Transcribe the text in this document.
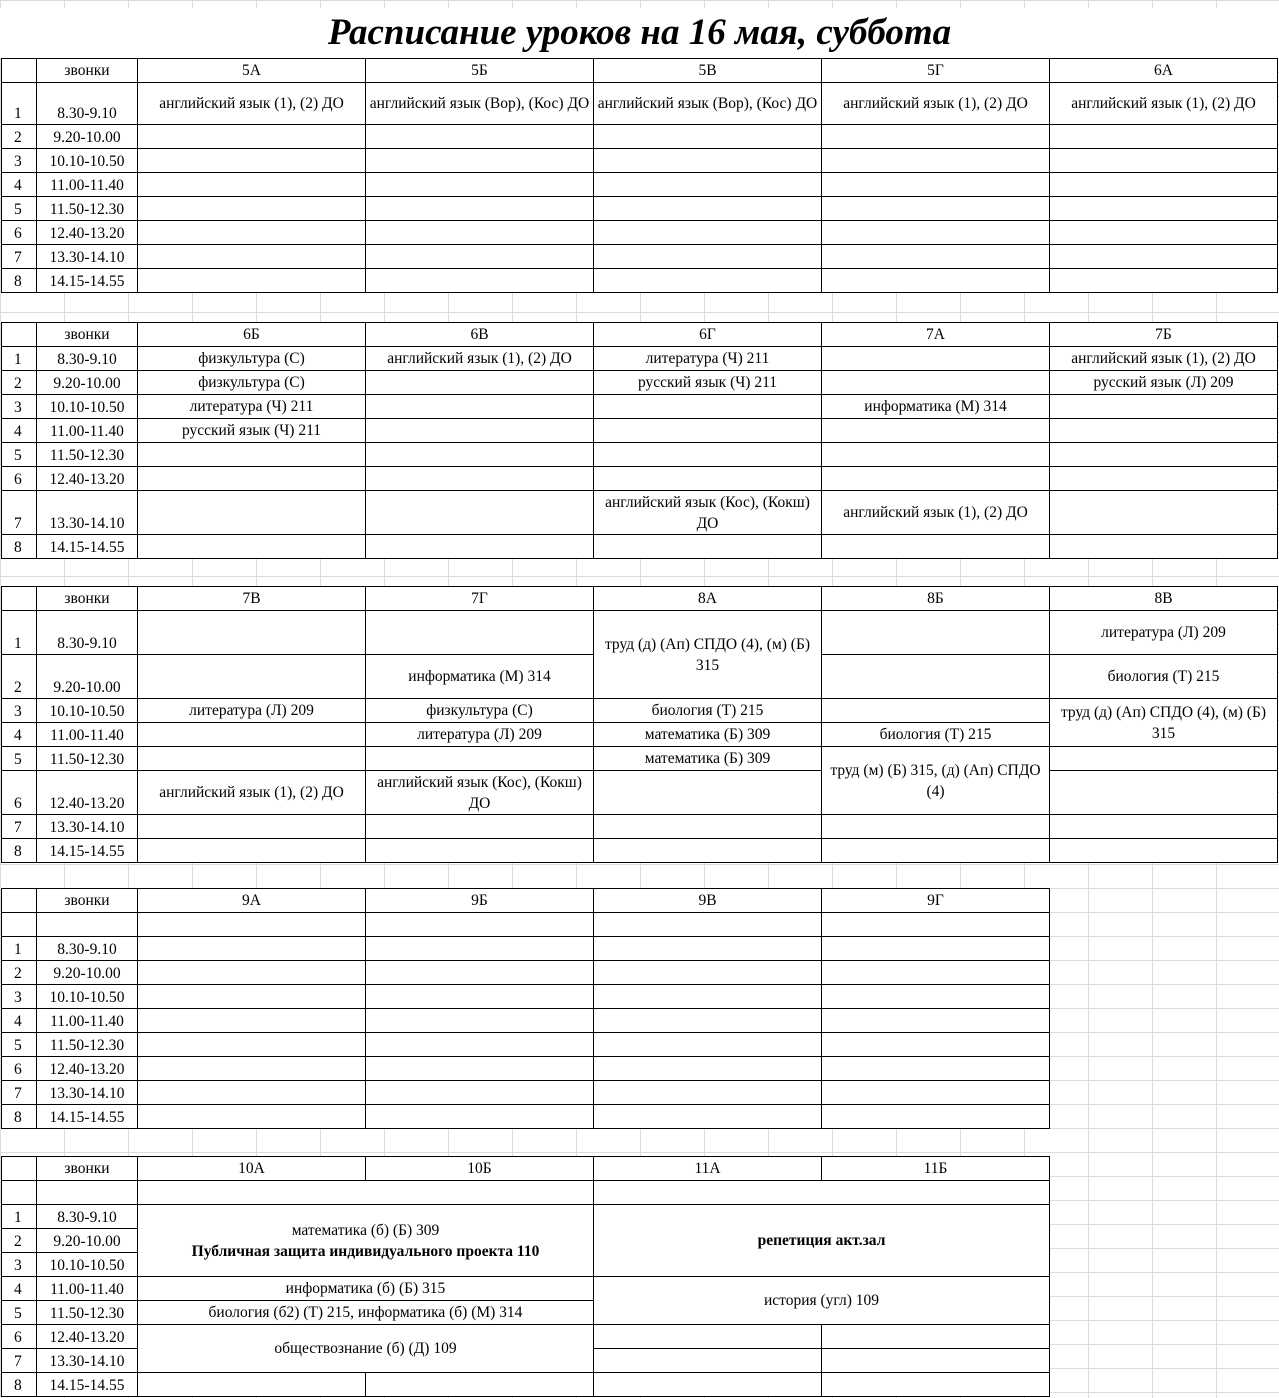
Расписание уроков на 16 мая, суббота
	звонки	5А	5Б	5В	5Г	6А
1	8.30-9.10	английский язык (1), (2) ДО	английский язык (Вор), (Кос) ДО	английский язык (Вор), (Кос) ДО	английский язык (1), (2) ДО	английский язык (1), (2) ДО
2	9.20-10.00					
3	10.10-10.50					
4	11.00-11.40					
5	11.50-12.30					
6	12.40-13.20					
7	13.30-14.10					
8	14.15-14.55					
	звонки	6Б	6В	6Г	7А	7Б
1	8.30-9.10	физкультура (С)	английский язык (1), (2) ДО	литература (Ч) 211		английский язык (1), (2) ДО
2	9.20-10.00	физкультура (С)		русский язык (Ч) 211		русский язык (Л) 209
3	10.10-10.50	литература (Ч) 211			информатика (М) 314	
4	11.00-11.40	русский язык (Ч) 211				
5	11.50-12.30					
6	12.40-13.20					
7	13.30-14.10			английский язык (Кос), (Кокш) ДО	английский язык (1), (2) ДО	
8	14.15-14.55					
	звонки	7В	7Г	8А	8Б	8В
1	8.30-9.10			труд (д) (Ап) СПДО (4), (м) (Б) 315		литература (Л) 209
2	9.20-10.00		информатика (М) 314			биология (Т) 215
3	10.10-10.50	литература (Л) 209	физкультура (С)	биология (Т) 215		труд (д) (Ап) СПДО (4), (м) (Б) 315
4	11.00-11.40		литература (Л) 209	математика (Б) 309	биология (Т) 215	
5	11.50-12.30			математика (Б) 309	труд (м) (Б) 315, (д) (Ап) СПДО (4)	
6	12.40-13.20	английский язык (1), (2) ДО	английский язык (Кос), (Кокш) ДО			
7	13.30-14.10					
8	14.15-14.55					
	звонки	9А	9Б	9В	9Г

1	8.30-9.10				
2	9.20-10.00				
3	10.10-10.50				
4	11.00-11.40				
5	11.50-12.30				
6	12.40-13.20				
7	13.30-14.10				
8	14.15-14.55				
	звонки	10А	10Б	11А	11Б

1	8.30-9.10	математика (б) (Б) 309
Публичная защита индивидуального проекта 110		репетиция акт.зал	
2	9.20-10.00				
3	10.10-10.50				
4	11.00-11.40	информатика (б) (Б) 315		история (угл) 109	
5	11.50-12.30	биология (б2) (Т) 215, информатика (б) (М) 314			
6	12.40-13.20	обществознание (б) (Д) 109			
7	13.30-14.10				
8	14.15-14.55				
